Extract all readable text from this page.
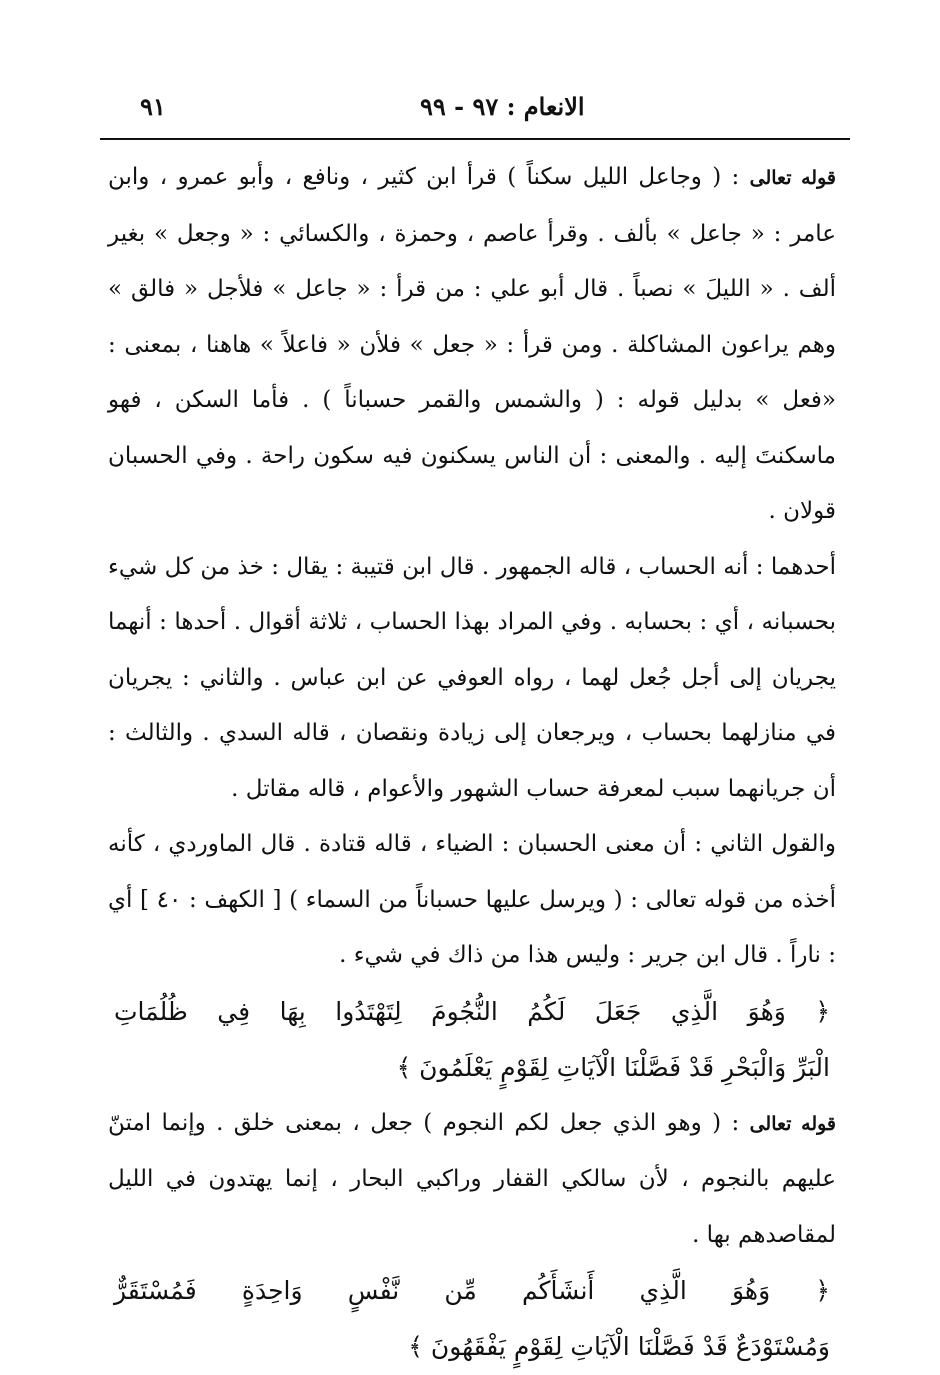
الانعام : ٩٧ - ٩٩
٩١

قوله تعالى : ( وجاعل الليل سكناً ) قرأ ابن كثير ، ونافع ، وأبو عمرو ، وابن عامر : « جاعل » بألف . وقرأ عاصم ، وحمزة ، والكسائي : « وجعل » بغير ألف . « الليلَ » نصباً . قال أبو علي : من قرأ : « جاعل » فلأجل « فالق » وهم يراعون المشاكلة . ومن قرأ : « جعل » فلأن « فاعلاً » هاهنا ، بمعنى : «فعل » بدليل قوله : ( والشمس والقمر حسباناً ) . فأما السكن ، فهو ماسكنتَ إليه . والمعنى : أن الناس يسكنون فيه سكون راحة . وفي الحسبان قولان .

أحدهما : أنه الحساب ، قاله الجمهور . قال ابن قتيبة : يقال : خذ من كل شيء بحسبانه ، أي : بحسابه . وفي المراد بهذا الحساب ، ثلاثة أقوال . أحدها : أنهما يجريان إلى أجل جُعل لهما ، رواه العوفي عن ابن عباس . والثاني : يجريان في منازلهما بحساب ، ويرجعان إلى زيادة ونقصان ، قاله السدي . والثالث : أن جريانهما سبب لمعرفة حساب الشهور والأعوام ، قاله مقاتل .

والقول الثاني : أن معنى الحسبان : الضياء ، قاله قتادة . قال الماوردي ، كأنه أخذه من قوله تعالى : ( ويرسل عليها حسباناً من السماء ) [ الكهف : ٤٠ ] أي : ناراً . قال ابن جرير : وليس هذا من ذاك في شيء .

﴿ وَهُوَ الَّذِي جَعَلَ لَكُمُ النُّجُومَ لِتَهْتَدُوا بِهَا فِي ظُلُمَاتِ

الْبَرِّ وَالْبَحْرِ قَدْ فَصَّلْنَا الْآيَاتِ لِقَوْمٍ يَعْلَمُونَ ﴾

قوله تعالى : ( وهو الذي جعل لكم النجوم ) جعل ، بمعنى خلق . وإنما امتنّ عليهم بالنجوم ، لأن سالكي القفار وراكبي البحار ، إنما يهتدون في الليل لمقاصدهم بها .

﴿ وَهُوَ الَّذِي أَنشَأَكُم مِّن نَّفْسٍ وَاحِدَةٍ فَمُسْتَقَرٌّ

وَمُسْتَوْدَعٌ قَدْ فَصَّلْنَا الْآيَاتِ لِقَوْمٍ يَفْقَهُونَ ﴾
